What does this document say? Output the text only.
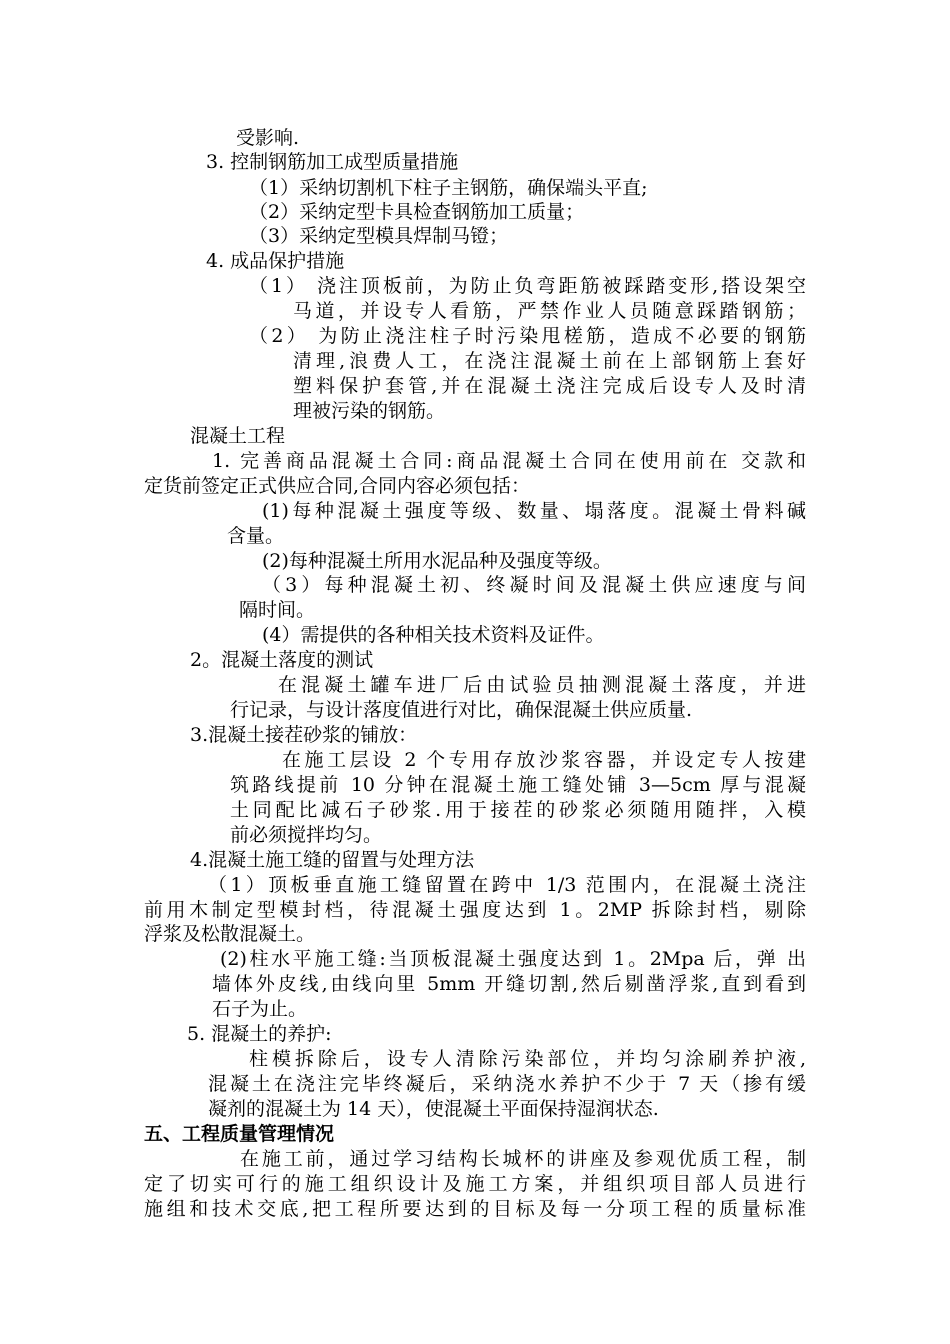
受影响.
3. 控制钢筋加工成型质量措施
（1）采纳切割机下柱子主钢筋，确保端头平直;
（2）采纳定型卡具检查钢筋加工质量；
（3）采纳定型模具焊制马镫；
4. 成品保护措施
（1） 浇注顶板前，为防止负弯距筋被踩踏变形,搭设架空
马道，并设专人看筋，严禁作业人员随意踩踏钢筋；
（2） 为防止浇注柱子时污染甩槎筋，造成不必要的钢筋
清理,浪费人工，在浇注混凝土前在上部钢筋上套好
塑料保护套管,并在混凝土浇注完成后设专人及时清
理被污染的钢筋。
混凝土工程
1. 完善商品混凝土合同:商品混凝土合同在使用前在 交款和
定货前签定正式供应合同,合同内容必须包括：
(1)每种混凝土强度等级、数量、塌落度。混凝土骨料碱
含量。
(2)每种混凝土所用水泥品种及强度等级。
（3）每种混凝土初、终凝时间及混凝土供应速度与间
隔时间。
(4）需提供的各种相关技术资料及证件。
2。混凝土落度的测试
在混凝土罐车进厂后由试验员抽测混凝土落度，并进
行记录，与设计落度值进行对比，确保混凝土供应质量.
3.混凝土接茬砂浆的铺放：
在施工层设 2 个专用存放沙浆容器，并设定专人按建
筑路线提前 10 分钟在混凝土施工缝处铺 3—5cm 厚与混凝
土同配比减石子砂浆.用于接茬的砂浆必须随用随拌，入模
前必须搅拌均匀。
4.混凝土施工缝的留置与处理方法
（1）顶板垂直施工缝留置在跨中 1/3 范围内，在混凝土浇注
前用木制定型模封档，待混凝土强度达到 1。2MP 拆除封档，剔除
浮浆及松散混凝土。
(2)柱水平施工缝:当顶板混凝土强度达到 1。2Mpa 后，弹 出
墙体外皮线,由线向里 5mm 开缝切割,然后剔凿浮浆,直到看到
石子为止。
5. 混凝土的养护:
柱模拆除后，设专人清除污染部位，并均匀涂刷养护液,
混凝土在浇注完毕终凝后，采纳浇水养护不少于 7 天（掺有缓
凝剂的混凝土为 14 天），使混凝土平面保持湿润状态.
五、工程质量管理情况
在施工前，通过学习结构长城杯的讲座及参观优质工程，制
定了切实可行的施工组织设计及施工方案，并组织项目部人员进行
施组和技术交底,把工程所要达到的目标及每一分项工程的质量标准
